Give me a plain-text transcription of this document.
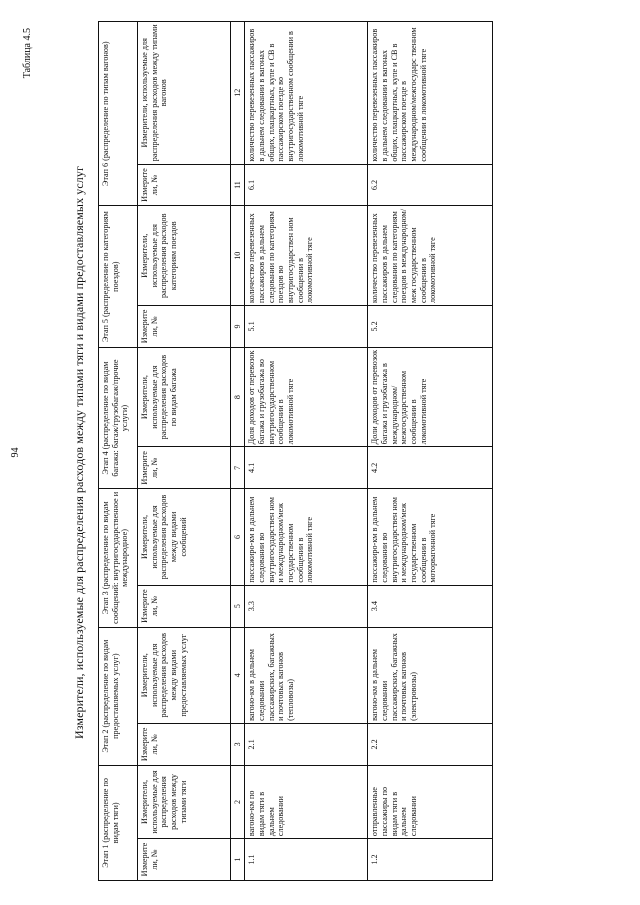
94
Таблица 4.5
Измерители, используемые для распределения расходов между типами тяги и видами предоставляемых услуг
Этап 1 (распределение по видам тяги)		Этап 2 (распределение по видам предоставляемых услуг)		Этап 3 (распределение по видам сообщений: внутригосударственное и международное)		Этап 4 (распределение по видам багажа: багаж/грузобагаж/прочие услуги)		Этап 5 (распределение по категориям поездов)		Этап 6 (распределение по типам вагонов)	
Измерите ли, №	Измерители, используемые для распределения расходов между типами тяги	Измерите ли, №	Измерители, используемые для распределения расходов между видами предоставляемых услуг	Измерите ли, №	Измерители, используемые для распределения расходов между видами сообщений	Измерите ли, №	Измерители, используемые для распределения расходов по видам багажа	Измерите ли, №	Измерители, используемые для распределения расходов категориям поездов	Измерите ли, №	Измерители, используемые для распределения расходов между типами вагонов
1	2	3	4	5	6	7	8	9	10	11	12
1.1	вагоно-км по видам тяги в дальнем следовании	2.1	вагоно-км в дальнем следовании пассажирских, багажных и почтовых вагонов (тепловозы)	3.3	пассажиро-км в дальнем следовании во внутригосударствен ном и международном/меж государственном сообщении в локомотивной тяге	4.1	Доля доходов от перевозок багажа и грузобагажа во внутригосударственном сообщении в локомотивной тяге	5.1	количество перевезенных пассажиров в дальнем следовании по категориям поездов во внутригосударствен ном сообщении в локомотивной тяге	6.1	количество перевезенных пассажиров в дальнем следовании в вагонах общих, плацкартных, купе и СВ в пассажирском поезде во внутригосударственном сообщении в локомотивной тяге
1.2	отправленные пассажиры по видам тяги в дальнем следовании	2.2	вагоно-км в дальнем следовании пассажирских, багажных и почтовых вагонов (электровозы)	3.4	пассажиро-км в дальнем следовании во внутригосударствен ном и международном/меж государственном сообщении в моторвагонной тяге	4.2	Доли доходов от перевозок багажа и грузобагажа в международном/межгосударственном сообщении в локомотивной тяге	5.2	количество перевезенных пассажиров в дальнем следовании по категориям поездов в международном/меж государственном сообщении в локомотивной тяге	6.2	количество перевезенных пассажиров в дальнем следовании в вагонах общих, плацкартных, купе и СВ в пассажирском поезде в международном/межгосударс твенном сообщении в локомотивной тяге
